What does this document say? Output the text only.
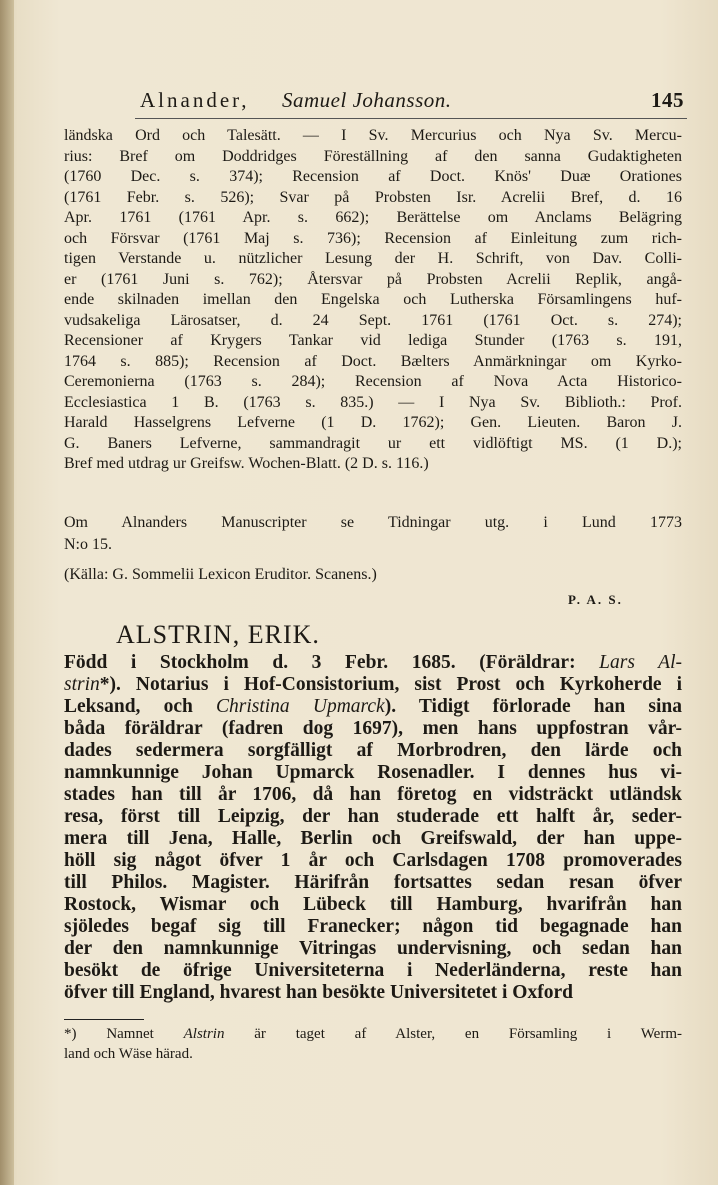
Alnander, Samuel Johansson.	145
ländska Ord och Talesätt. — I Sv. Mercurius och Nya Sv. Mercu-
rius: Bref om Doddridges Föreställning af den sanna Gudaktigheten
(1760 Dec. s. 374); Recension af Doct. Knös' Duæ Orationes
(1761 Febr. s. 526); Svar på Probsten Isr. Acrelii Bref, d. 16
Apr. 1761 (1761 Apr. s. 662); Berättelse om Anclams Belägring
och Försvar (1761 Maj s. 736); Recension af Einleitung zum rich-
tigen Verstande u. nützlicher Lesung der H. Schrift, von Dav. Colli-
er (1761 Juni s. 762); Återsvar på Probsten Acrelii Replik, angå-
ende skilnaden imellan den Engelska och Lutherska Församlingens huf-
vudsakeliga Lärosatser, d. 24 Sept. 1761 (1761 Oct. s. 274);
Recensioner af Krygers Tankar vid lediga Stunder (1763 s. 191,
1764 s. 885); Recension af Doct. Bælters Anmärkningar om Kyrko-
Ceremonierna (1763 s. 284); Recension af Nova Acta Historico-
Ecclesiastica 1 B. (1763 s. 835.) — I Nya Sv. Biblioth.: Prof.
Harald Hasselgrens Lefverne (1 D. 1762); Gen. Lieuten. Baron J.
G. Baners Lefverne, sammandragit ur ett vidlöftigt MS. (1 D.);
Bref med utdrag ur Greifsw. Wochen-Blatt. (2 D. s. 116.)
Om Alnanders Manuscripter se Tidningar utg. i Lund 1773
N:o 15.
(Källa: G. Sommelii Lexicon Eruditor. Scanens.)
P. A. S.
ALSTRIN, ERIK.
Född i Stockholm d. 3 Febr. 1685. (Föräldrar: Lars Al-
strin*). Notarius i Hof-Consistorium, sist Prost och Kyrkoherde i
Leksand, och Christina Upmarck). Tidigt förlorade han sina
båda föräldrar (fadren dog 1697), men hans uppfostran vår-
dades sedermera sorgfälligt af Morbrodren, den lärde och
namnkunnige Johan Upmarck Rosenadler. I dennes hus vi-
stades han till år 1706, då han företog en vidsträckt utländsk
resa, först till Leipzig, der han studerade ett halft år, seder-
mera till Jena, Halle, Berlin och Greifswald, der han uppe-
höll sig något öfver 1 år och Carlsdagen 1708 promoverades
till Philos. Magister. Härifrån fortsattes sedan resan öfver
Rostock, Wismar och Lübeck till Hamburg, hvarifrån han
sjöledes begaf sig till Franecker; någon tid begagnade han
der den namnkunnige Vitringas undervisning, och sedan han
besökt de öfrige Universiteterna i Nederländerna, reste han
öfver till England, hvarest han besökte Universitetet i Oxford
*) Namnet Alstrin är taget af Alster, en Församling i Werm-
land och Wäse härad.
